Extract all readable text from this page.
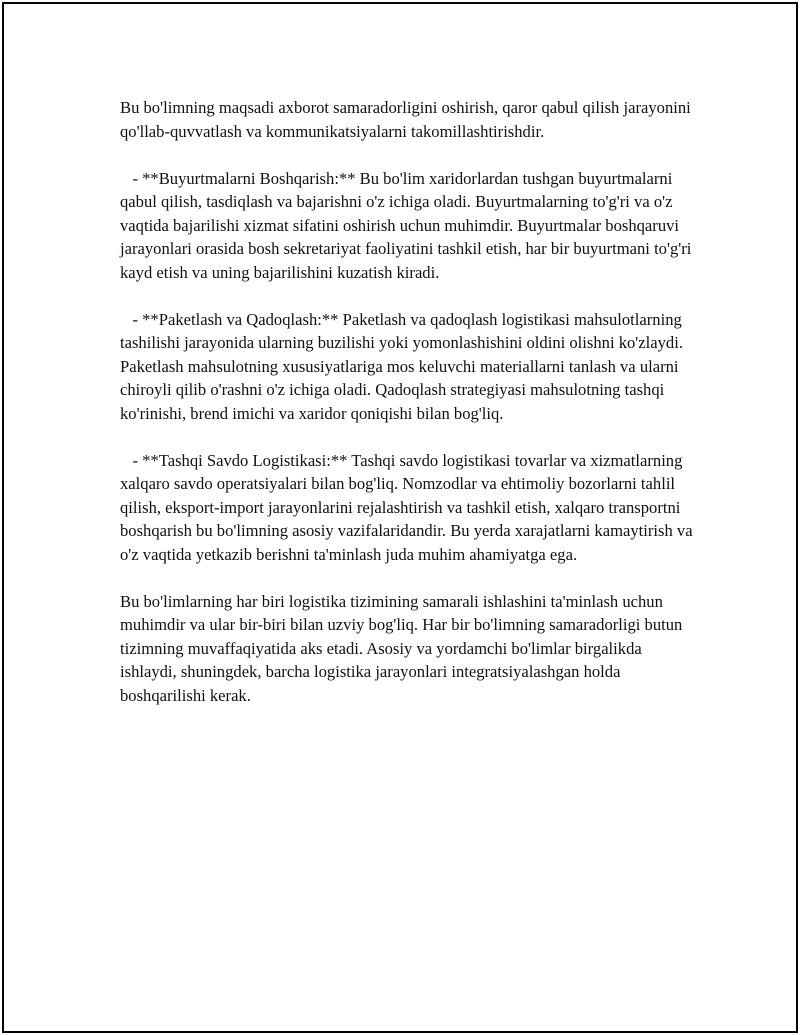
Bu bo'limning maqsadi axborot samaradorligini oshirish, qaror qabul qilish jarayonini qo'llab-quvvatlash va kommunikatsiyalarni takomillashtirishdir.

- **Buyurtmalarni Boshqarish:** Bu bo'lim xaridorlardan tushgan buyurtmalarni qabul qilish, tasdiqlash va bajarishni o'z ichiga oladi. Buyurtmalarning to'g'ri va o'z vaqtida bajarilishi xizmat sifatini oshirish uchun muhimdir. Buyurtmalar boshqaruvi jarayonlari orasida bosh sekretariyat faoliyatini tashkil etish, har bir buyurtmani to'g'ri kayd etish va uning bajarilishini kuzatish kiradi.

- **Paketlash va Qadoqlash:** Paketlash va qadoqlash logistikasi mahsulotlarning tashilishi jarayonida ularning buzilishi yoki yomonlashishini oldini olishni ko'zlaydi. Paketlash mahsulotning xususiyatlariga mos keluvchi materiallarni tanlash va ularni chiroyli qilib o'rashni o'z ichiga oladi. Qadoqlash strategiyasi mahsulotning tashqi ko'rinishi, brend imichi va xaridor qoniqishi bilan bog'liq.

- **Tashqi Savdo Logistikasi:** Tashqi savdo logistikasi tovarlar va xizmatlarning xalqaro savdo operatsiyalari bilan bog'liq. Nomzodlar va ehtimoliy bozorlarni tahlil qilish, eksport-import jarayonlarini rejalashtirish va tashkil etish, xalqaro transportni boshqarish bu bo'limning asosiy vazifalaridandir. Bu yerda xarajatlarni kamaytirish va o'z vaqtida yetkazib berishni ta'minlash juda muhim ahamiyatga ega.

Bu bo'limlarning har biri logistika tizimining samarali ishlashini ta'minlash uchun muhimdir va ular bir-biri bilan uzviy bog'liq. Har bir bo'limning samaradorligi butun tizimning muvaffaqiyatida aks etadi. Asosiy va yordamchi bo'limlar birgalikda ishlaydi, shuningdek, barcha logistika jarayonlari integratsiyalashgan holda boshqarilishi kerak.
